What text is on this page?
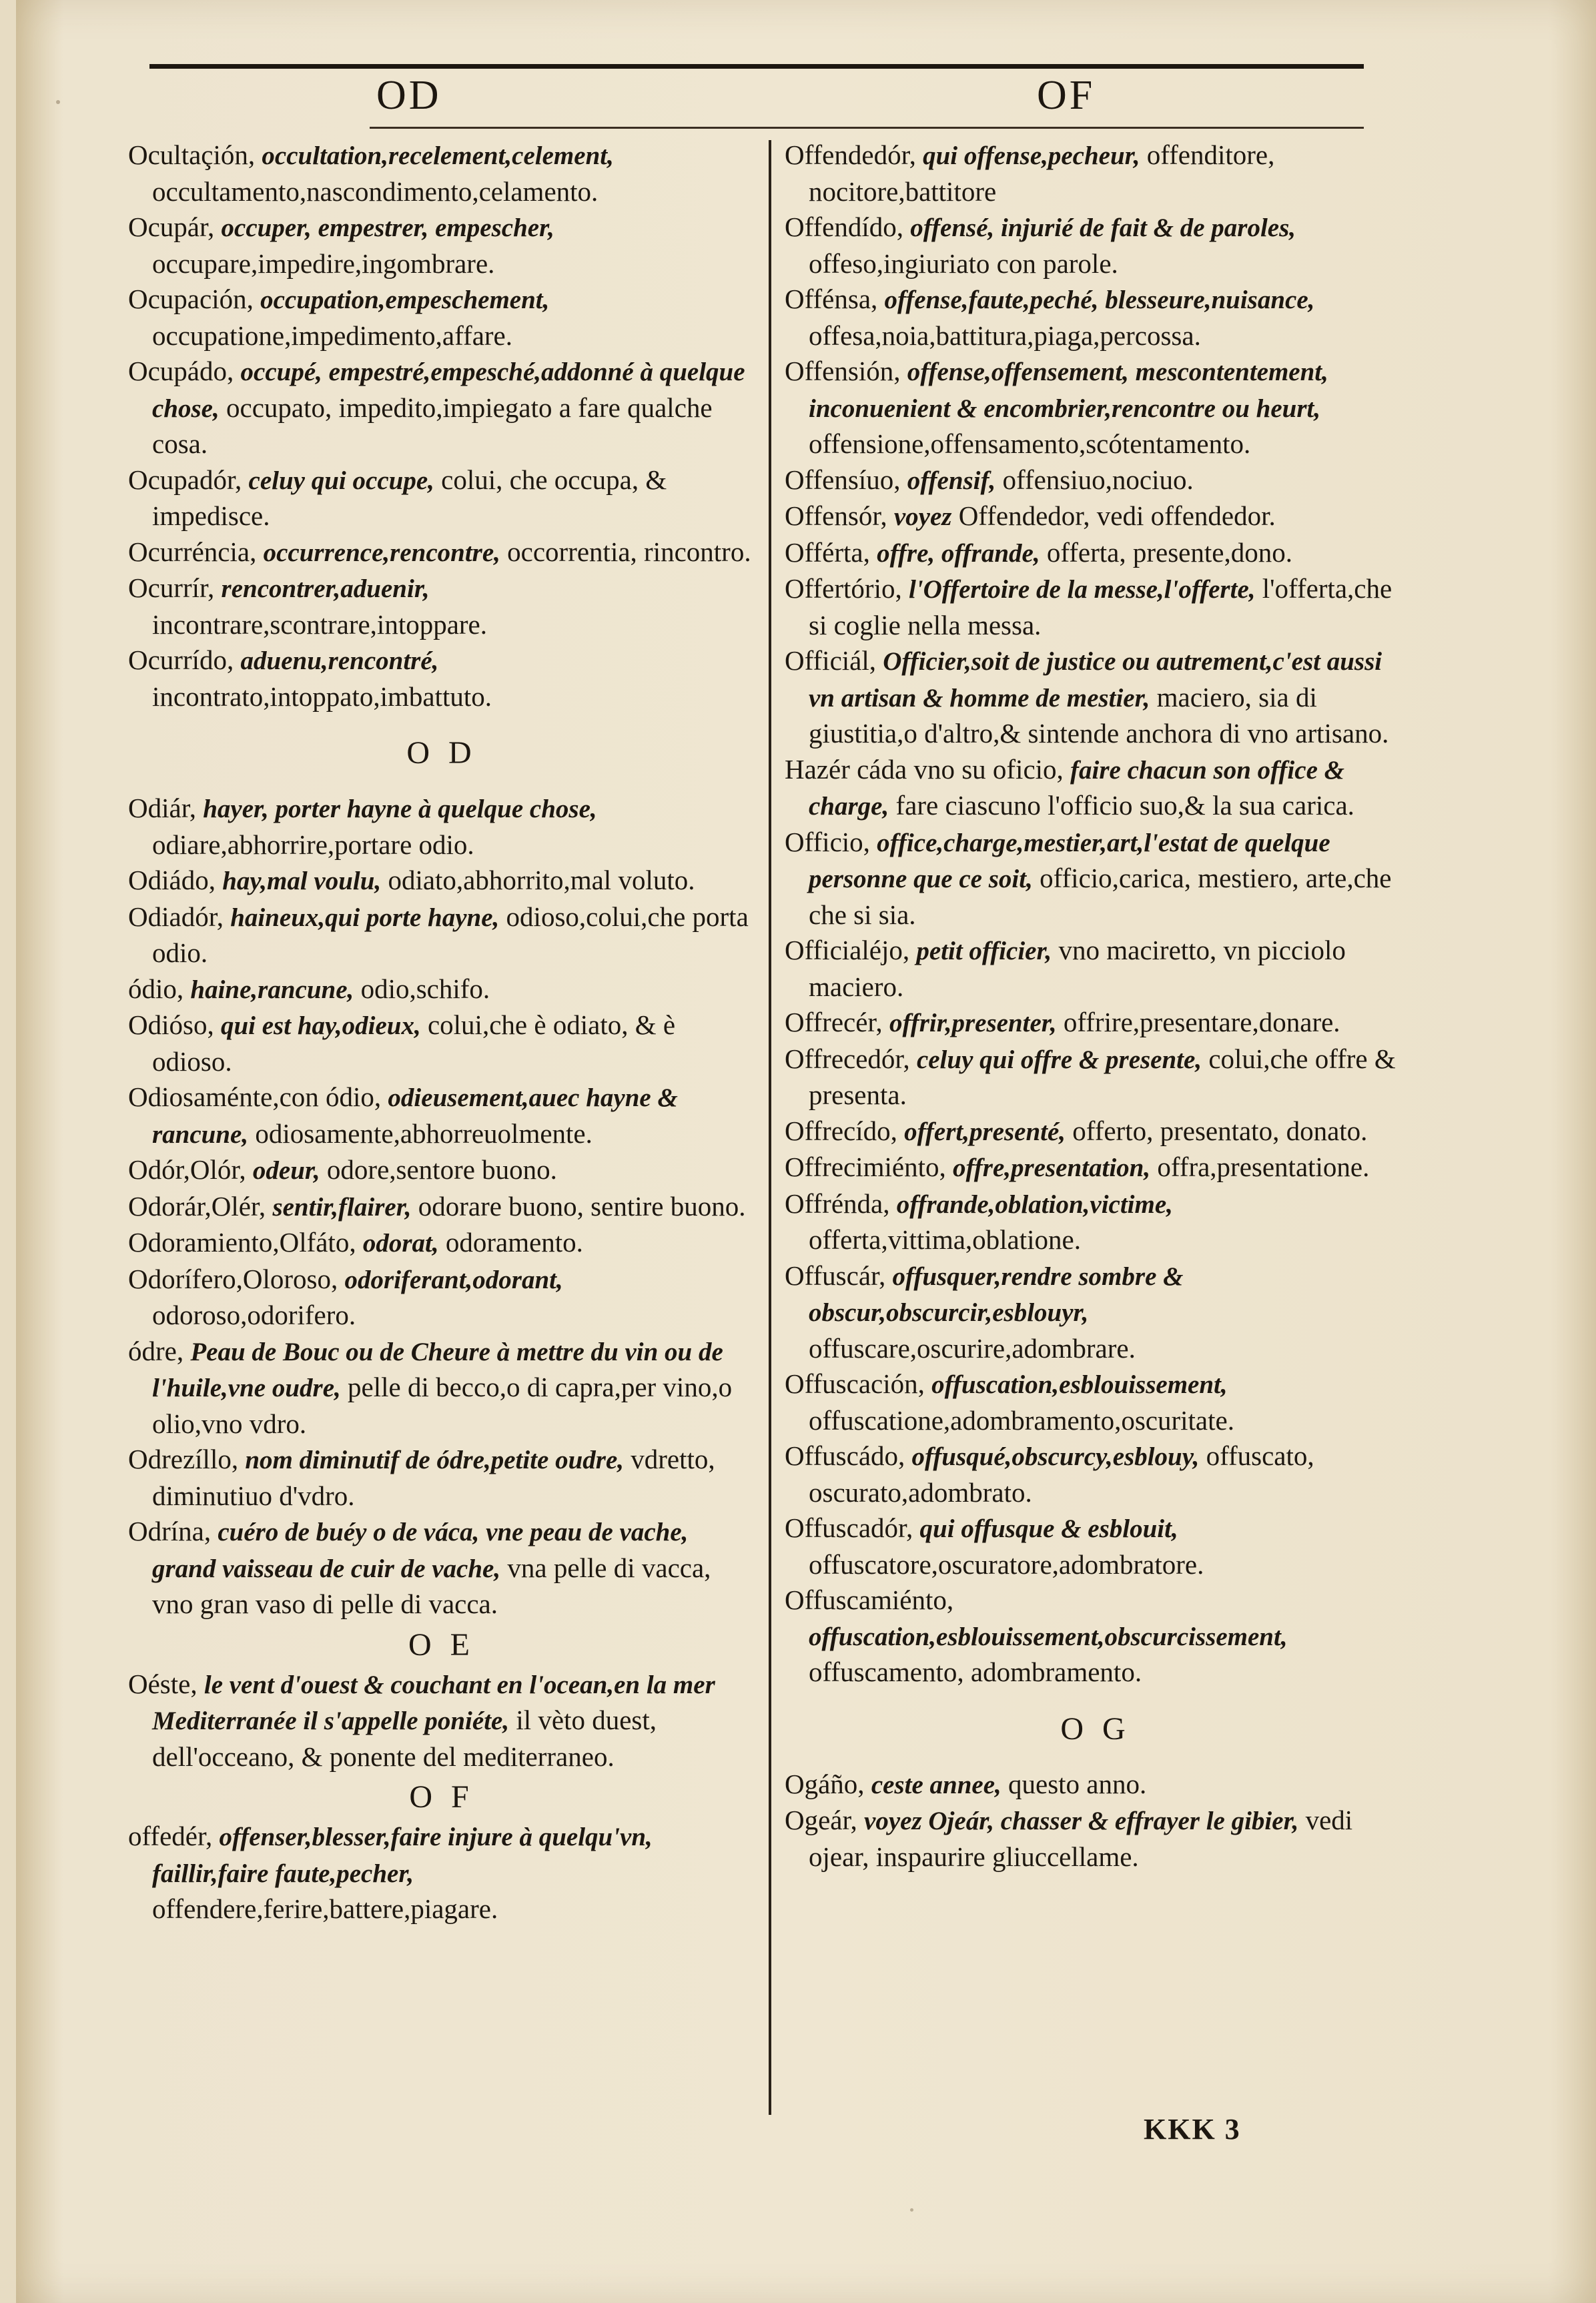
OD	OF

Ocultaçión, occultation,recelement,celement, occultamento,nascondimento,celamento.

Ocupár, occuper, empestrer, empescher, occupare,impedire,ingombrare.

Ocupación, occupation,empeschement, occupatione,impedimento,affare.

Ocupádo, occupé, empestré,empesché,addonné à quelque chose, occupato, impedito,impiegato a fare qualche cosa.

Ocupadór, celuy qui occupe, colui, che occupa, & impedisce.

Ocurréncia, occurrence,rencontre, occorrentia, rincontro.

Ocurrír, rencontrer,aduenir, incontrare,scontrare,intoppare.

Ocurrído, aduenu,rencontré, incontrato,intoppato,imbattuto.

O D

Odiár, hayer, porter hayne à quelque chose, odiare,abhorrire,portare odio.

Odiádo, hay,mal voulu, odiato,abhorrito,mal voluto.

Odiadór, haineux,qui porte hayne, odioso,colui,che porta odio.

ódio, haine,rancune, odio,schifo.

Odióso, qui est hay,odieux, colui,che è odiato, & è odioso.

Odiosaménte,con ódio, odieusement,auec hayne & rancune, odiosamente,abhorreuolmente.

Odór,Olór, odeur, odore,sentore buono.

Odorár,Olér, sentir,flairer, odorare buono, sentire buono.

Odoramiento,Olfáto, odorat, odoramento.

Odorífero,Oloroso, odoriferant,odorant, odoroso,odorifero.

ódre, Peau de Bouc ou de Cheure à mettre du vin ou de l'huile,vne oudre, pelle di becco,o di capra,per vino,o olio,vno vdro.

Odrezíllo, nom diminutif de ódre,petite oudre, vdretto, diminutiuo d'vdro.

Odrína, cuéro de buéy o de váca, vne peau de vache, grand vaisseau de cuir de vache, vna pelle di vacca, vno gran vaso di pelle di vacca.

O E

Oéste, le vent d'ouest & couchant en l'ocean,en la mer Mediterranée il s'appelle poniéte, il vèto duest, dell'occeano, & ponente del mediterraneo.

O F

offedér, offenser,blesser,faire injure à quelqu'vn, faillir,faire faute,pecher, offendere,ferire,battere,piagare.

Offendedór, qui offense,pecheur, offenditore, nocitore,battitore

Offendído, offensé, injurié de fait & de paroles, offeso,ingiuriato con parole.

Offénsa, offense,faute,peché, blesseure,nuisance, offesa,noia,battitura,piaga,percossa.

Offensión, offense,offensement, mescontentement, inconuenient & encombrier,rencontre ou heurt, offensione,offensamento,scótentamento.

Offensíuo, offensif, offensiuo,nociuo.

Offensór, voyez Offendedor, vedi offendedor.

Offérta, offre, offrande, offerta, presente,dono.

Offertório, l'Offertoire de la messe,l'offerte, l'offerta,che si coglie nella messa.

Officiál, Officier,soit de justice ou autrement,c'est aussi vn artisan & homme de mestier, maciero, sia di giustitia,o d'altro,& sintende anchora di vno artisano.

Hazér cáda vno su oficio, faire chacun son office & charge, fare ciascuno l'officio suo,& la sua carica.

Officio, office,charge,mestier,art,l'estat de quelque personne que ce soit, officio,carica, mestiero, arte,che che si sia.

Officialéjo, petit officier, vno maciretto, vn picciolo maciero.

Offrecér, offrir,presenter, offrire,presentare,donare.

Offrecedór, celuy qui offre & presente, colui,che offre & presenta.

Offrecído, offert,presenté, offerto, presentato, donato.

Offrecimiénto, offre,presentation, offra,presentatione.

Offrénda, offrande,oblation,victime, offerta,vittima,oblatione.

Offuscár, offusquer,rendre sombre & obscur,obscurcir,esblouyr, offuscare,oscurire,adombrare.

Offuscación, offuscation,esblouissement, offuscatione,adombramento,oscuritate.

Offuscádo, offusqué,obscurcy,esblouy, offuscato, oscurato,adombrato.

Offuscadór, qui offusque & esblouit, offuscatore,oscuratore,adombratore.

Offuscamiénto, offuscation,esblouissement,obscurcissement, offuscamento, adombramento.

O G

Ogáño, ceste annee, questo anno.

Ogeár, voyez Ojeár, chasser & effrayer le gibier, vedi ojear, inspaurire gliuccellame.

KKK 3
